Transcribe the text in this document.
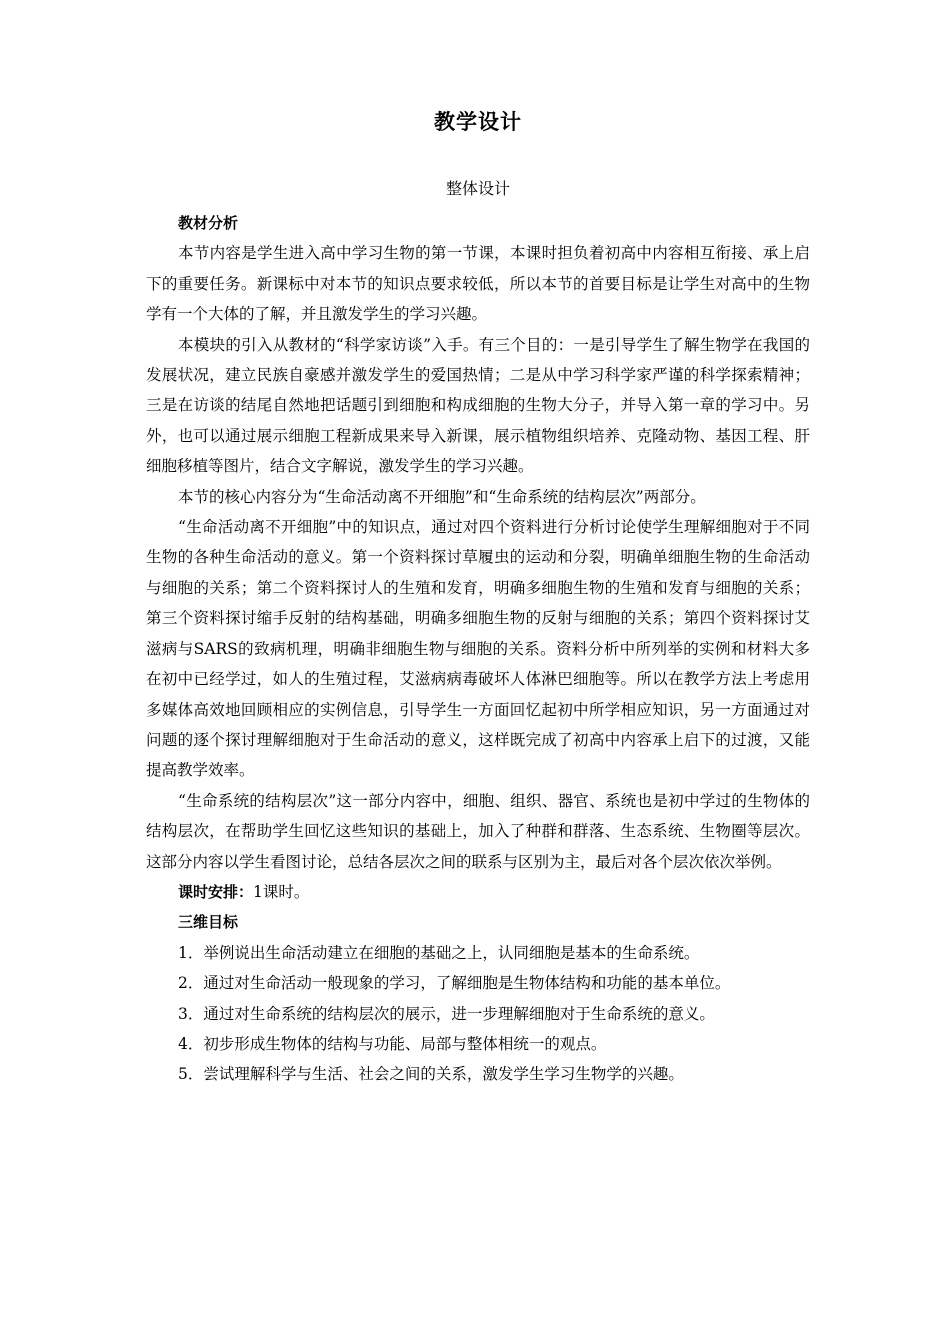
教学设计
整体设计

教材分析

本节内容是学生进入高中学习生物的第一节课，本课时担负着初高中内容相互衔接、承上启下的重要任务。新课标中对本节的知识点要求较低，所以本节的首要目标是让学生对高中的生物学有一个大体的了解，并且激发学生的学习兴趣。

本模块的引入从教材的“科学家访谈”入手。有三个目的：一是引导学生了解生物学在我国的发展状况，建立民族自豪感并激发学生的爱国热情；二是从中学习科学家严谨的科学探索精神；三是在访谈的结尾自然地把话题引到细胞和构成细胞的生物大分子，并导入第一章的学习中。另外，也可以通过展示细胞工程新成果来导入新课，展示植物组织培养、克隆动物、基因工程、肝细胞移植等图片，结合文字解说，激发学生的学习兴趣。

本节的核心内容分为“生命活动离不开细胞”和“生命系统的结构层次”两部分。

“生命活动离不开细胞”中的知识点，通过对四个资料进行分析讨论使学生理解细胞对于不同生物的各种生命活动的意义。第一个资料探讨草履虫的运动和分裂，明确单细胞生物的生命活动与细胞的关系；第二个资料探讨人的生殖和发育，明确多细胞生物的生殖和发育与细胞的关系；第三个资料探讨缩手反射的结构基础，明确多细胞生物的反射与细胞的关系；第四个资料探讨艾滋病与SARS的致病机理，明确非细胞生物与细胞的关系。资料分析中所列举的实例和材料大多在初中已经学过，如人的生殖过程，艾滋病病毒破坏人体淋巴细胞等。所以在教学方法上考虑用多媒体高效地回顾相应的实例信息，引导学生一方面回忆起初中所学相应知识，另一方面通过对问题的逐个探讨理解细胞对于生命活动的意义，这样既完成了初高中内容承上启下的过渡，又能提高教学效率。

“生命系统的结构层次”这一部分内容中，细胞、组织、器官、系统也是初中学过的生物体的结构层次，在帮助学生回忆这些知识的基础上，加入了种群和群落、生态系统、生物圈等层次。这部分内容以学生看图讨论，总结各层次之间的联系与区别为主，最后对各个层次依次举例。

课时安排：1课时。

三维目标

1．举例说出生命活动建立在细胞的基础之上，认同细胞是基本的生命系统。

2．通过对生命活动一般现象的学习，了解细胞是生物体结构和功能的基本单位。

3．通过对生命系统的结构层次的展示，进一步理解细胞对于生命系统的意义。

4．初步形成生物体的结构与功能、局部与整体相统一的观点。

5．尝试理解科学与生活、社会之间的关系，激发学生学习生物学的兴趣。
